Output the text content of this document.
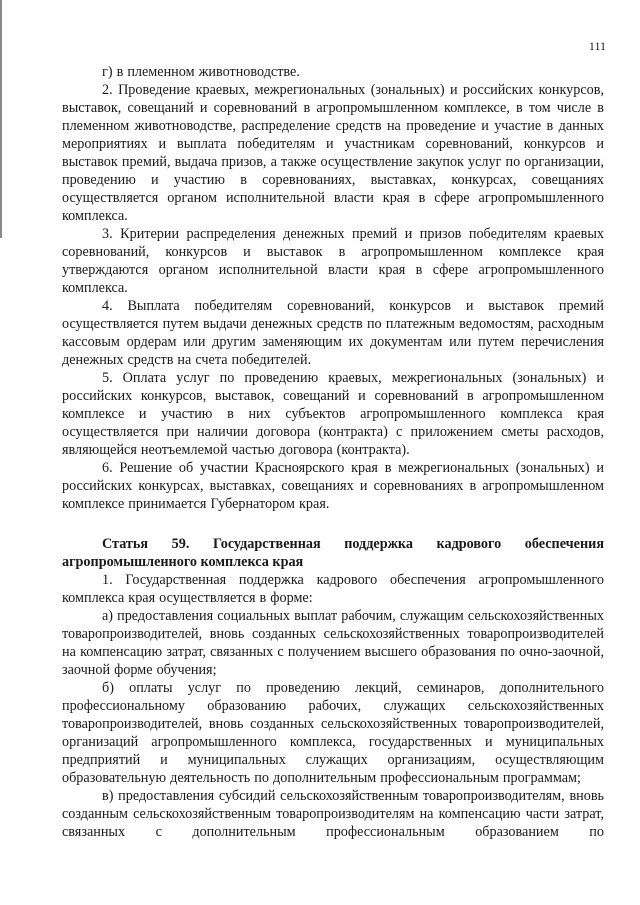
111

г) в племенном животноводстве.

2. Проведение краевых, межрегиональных (зональных) и российских конкурсов, выставок, совещаний и соревнований в агропромышленном комплексе, в том числе в племенном животноводстве, распределение средств на проведение и участие в данных мероприятиях и выплата победителям и участникам соревнований, конкурсов и выставок премий, выдача призов, а также осуществление закупок услуг по организации, проведению и участию в соревнованиях, выставках, конкурсах, совещаниях осуществляется органом исполнительной власти края в сфере агропромышленного комплекса.

3. Критерии распределения денежных премий и призов победителям краевых соревнований, конкурсов и выставок в агропромышленном комплексе края утверждаются органом исполнительной власти края в сфере агропромышленного комплекса.

4. Выплата победителям соревнований, конкурсов и выставок премий осуществляется путем выдачи денежных средств по платежным ведомостям, расходным кассовым ордерам или другим заменяющим их документам или путем перечисления денежных средств на счета победителей.

5. Оплата услуг по проведению краевых, межрегиональных (зональных) и российских конкурсов, выставок, совещаний и соревнований в агропромышленном комплексе и участию в них субъектов агропромышленного комплекса края осуществляется при наличии договора (контракта) с приложением сметы расходов, являющейся неотъемлемой частью договора (контракта).

6. Решение об участии Красноярского края в межрегиональных (зональных) и российских конкурсах, выставках, совещаниях и соревнованиях в агропромышленном комплексе принимается Губернатором края.

Статья 59. Государственная поддержка кадрового обеспечения агропромышленного комплекса края

1. Государственная поддержка кадрового обеспечения агропромышленного комплекса края осуществляется в форме:

а) предоставления социальных выплат рабочим, служащим сельскохозяйственных товаропроизводителей, вновь созданных сельскохозяйственных товаропроизводителей на компенсацию затрат, связанных с получением высшего образования по очно-заочной, заочной форме обучения;

б) оплаты услуг по проведению лекций, семинаров, дополнительного профессиональному образованию рабочих, служащих сельскохозяйственных товаропроизводителей, вновь созданных сельскохозяйственных товаропроизводителей, организаций агропромышленного комплекса, государственных и муниципальных предприятий и муниципальных служащих организациям, осуществляющим образовательную деятельность по дополнительным профессиональным программам;

в) предоставления субсидий сельскохозяйственным товаропроизводителям, вновь созданным сельскохозяйственным товаропроизводителям на компенсацию части затрат, связанных с дополнительным профессиональным образованием по
